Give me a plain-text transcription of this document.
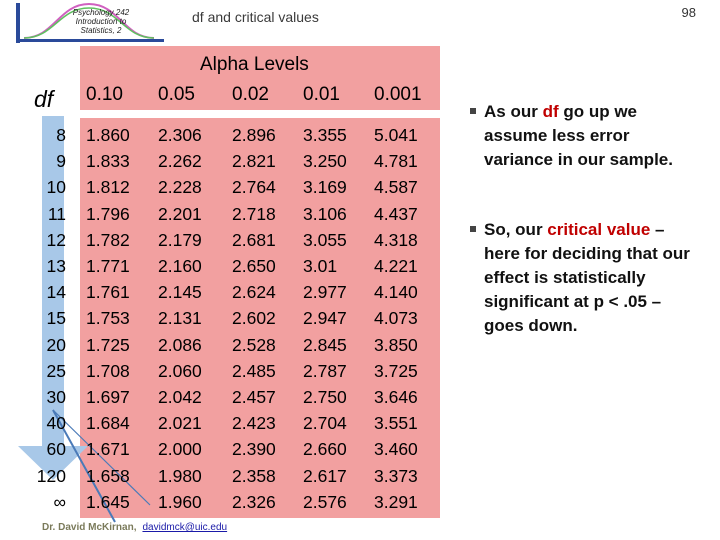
Psychology 242 Introduction to Statistics, 2
df and critical values	98
Alpha Levels
df 0.10 0.05 0.02 0.01 0.001
8
9
10
11
12
13
14
15
20
25
30
40
60
120
∞
1.860
1.833
1.812
1.796
1.782
1.771
1.761
1.753
1.725
1.708
1.697
1.684
1.671
1.658
1.645
2.306
2.262
2.228
2.201
2.179
2.160
2.145
2.131
2.086
2.060
2.042
2.021
2.000
1.980
1.960
2.896
2.821
2.764
2.718
2.681
2.650
2.624
2.602
2.528
2.485
2.457
2.423
2.390
2.358
2.326
3.355
3.250
3.169
3.106
3.055
3.01
2.977
2.947
2.845
2.787
2.750
2.704
2.660
2.617
2.576
5.041
4.781
4.587
4.437
4.318
4.221
4.140
4.073
3.850
3.725
3.646
3.551
3.460
3.373
3.291
As our df go up we assume less error variance in our sample.
So, our critical value – here for deciding that our effect is statistically significant at p < .05 – goes down.
Dr. David McKirnan, davidmck@uic.edu
